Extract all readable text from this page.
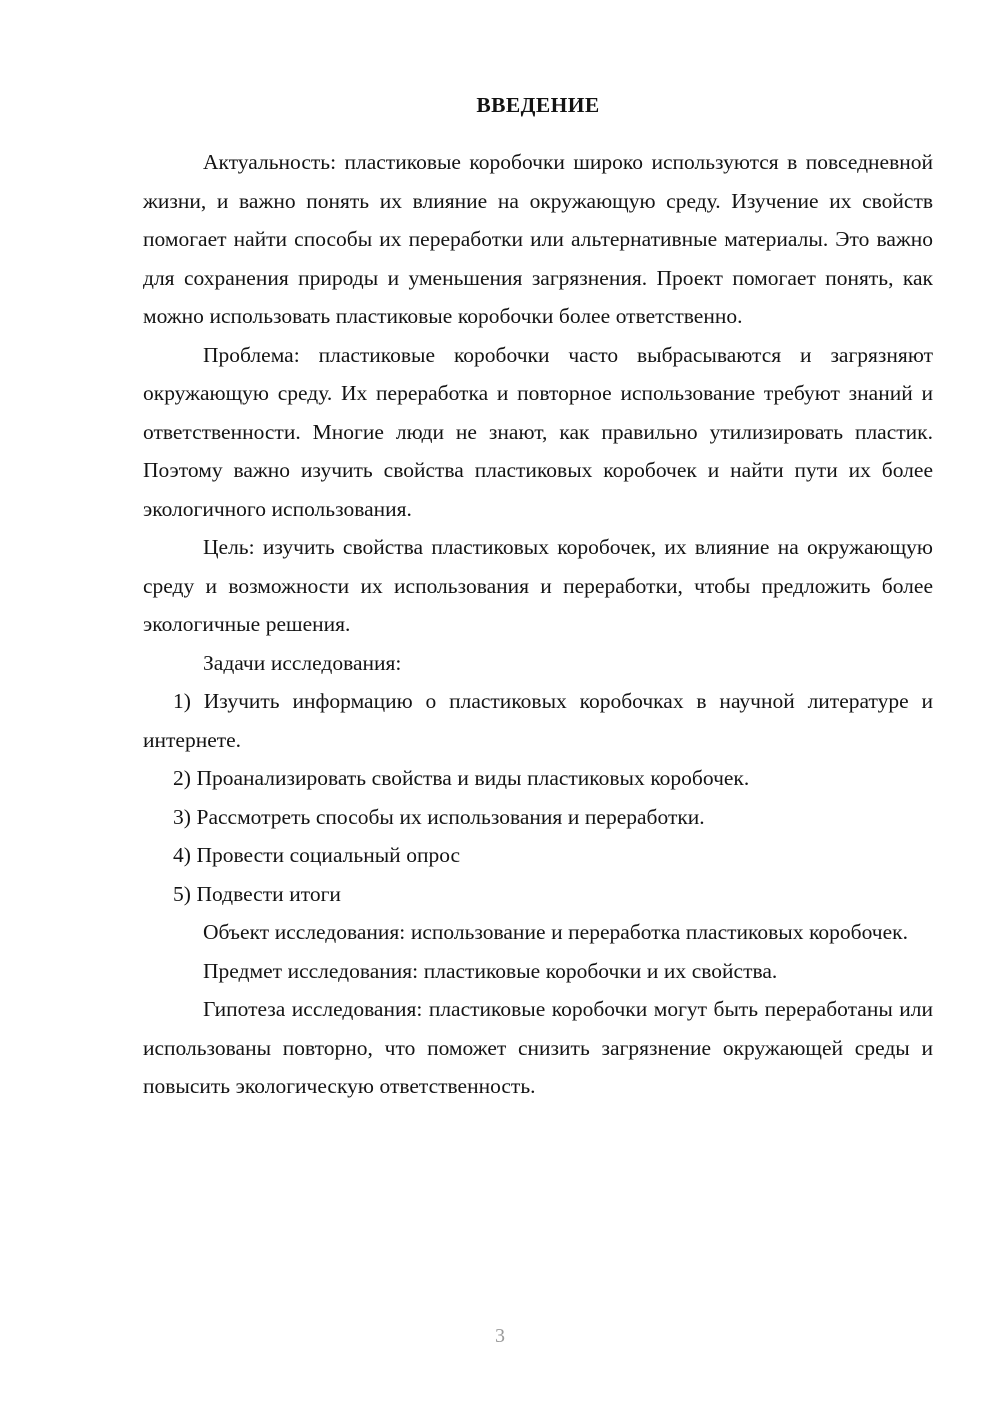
ВВЕДЕНИЕ

Актуальность: пластиковые коробочки широко используются в повседневной жизни, и важно понять их влияние на окружающую среду. Изучение их свойств помогает найти способы их переработки или альтернативные материалы. Это важно для сохранения природы и уменьшения загрязнения. Проект помогает понять, как можно использовать пластиковые коробочки более ответственно.

Проблема: пластиковые коробочки часто выбрасываются и загрязняют окружающую среду. Их переработка и повторное использование требуют знаний и ответственности. Многие люди не знают, как правильно утилизировать пластик. Поэтому важно изучить свойства пластиковых коробочек и найти пути их более экологичного использования.

Цель: изучить свойства пластиковых коробочек, их влияние на окружающую среду и возможности их использования и переработки, чтобы предложить более экологичные решения.

Задачи исследования:

1) Изучить информацию о пластиковых коробочках в научной литературе и интернете.

2) Проанализировать свойства и виды пластиковых коробочек.

3) Рассмотреть способы их использования и переработки.

4) Провести социальный опрос

5) Подвести итоги

Объект исследования: использование и переработка пластиковых коробочек.

Предмет исследования: пластиковые коробочки и их свойства.

Гипотеза исследования: пластиковые коробочки могут быть переработаны или использованы повторно, что поможет снизить загрязнение окружающей среды и повысить экологическую ответственность.

3
